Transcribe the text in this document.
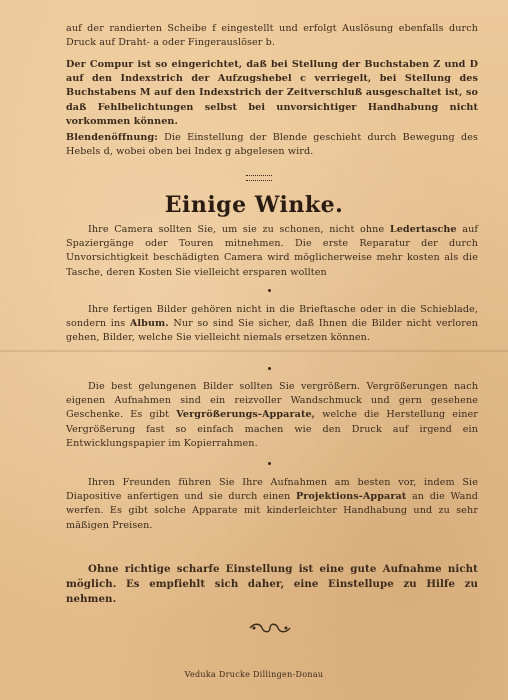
auf der randierten Scheibe f eingestellt und erfolgt Auslösung ebenfalls durch Druck auf Draht- a oder Fingerauslöser b.
Der Compur ist so eingerichtet, daß bei Stellung der Buchstaben Z und D auf den Indexstrich der Aufzugshebel c verriegelt, bei Stellung des Buchstabens M auf den Indexstrich der Zeitverschluß ausgeschaltet ist, so daß Fehlbelichtungen selbst bei unvorsichtiger Handhabung nicht vorkommen können.
Blendenöffnung: Die Einstellung der Blende geschieht durch Bewegung des Hebels d, wobei oben bei Index g abgelesen wird.
Einige Winke.
Ihre Camera sollten Sie, um sie zu schonen, nicht ohne Ledertasche auf Spaziergänge oder Touren mitnehmen. Die erste Reparatur der durch Unvorsichtigkeit beschädigten Camera wird möglicherweise mehr kosten als die Tasche, deren Kosten Sie vielleicht ersparen wollten
Ihre fertigen Bilder gehören nicht in die Brieftasche oder in die Schieblade, sondern ins Album. Nur so sind Sie sicher, daß Ihnen die Bilder nicht verloren gehen, Bilder, welche Sie vielleicht niemals ersetzen können.
Die best gelungenen Bilder sollten Sie vergrößern. Vergrößerungen nach eigenen Aufnahmen sind ein reizvoller Wandschmuck und gern gesehene Geschenke. Es gibt Vergrößerungs-Apparate, welche die Herstellung einer Vergrößerung fast so einfach machen wie den Druck auf irgend ein Entwicklungspapier im Kopierrahmen.
Ihren Freunden führen Sie Ihre Aufnahmen am besten vor, indem Sie Diapositive anfertigen und sie durch einen Projektions-Apparat an die Wand werfen. Es gibt solche Apparate mit kinderleichter Handhabung und zu sehr mäßigen Preisen.
Ohne richtige scharfe Einstellung ist eine gute Aufnahme nicht möglich. Es empfiehlt sich daher, eine Einstellupe zu Hilfe zu nehmen.
Veduka Drucke Dillingen-Donau
